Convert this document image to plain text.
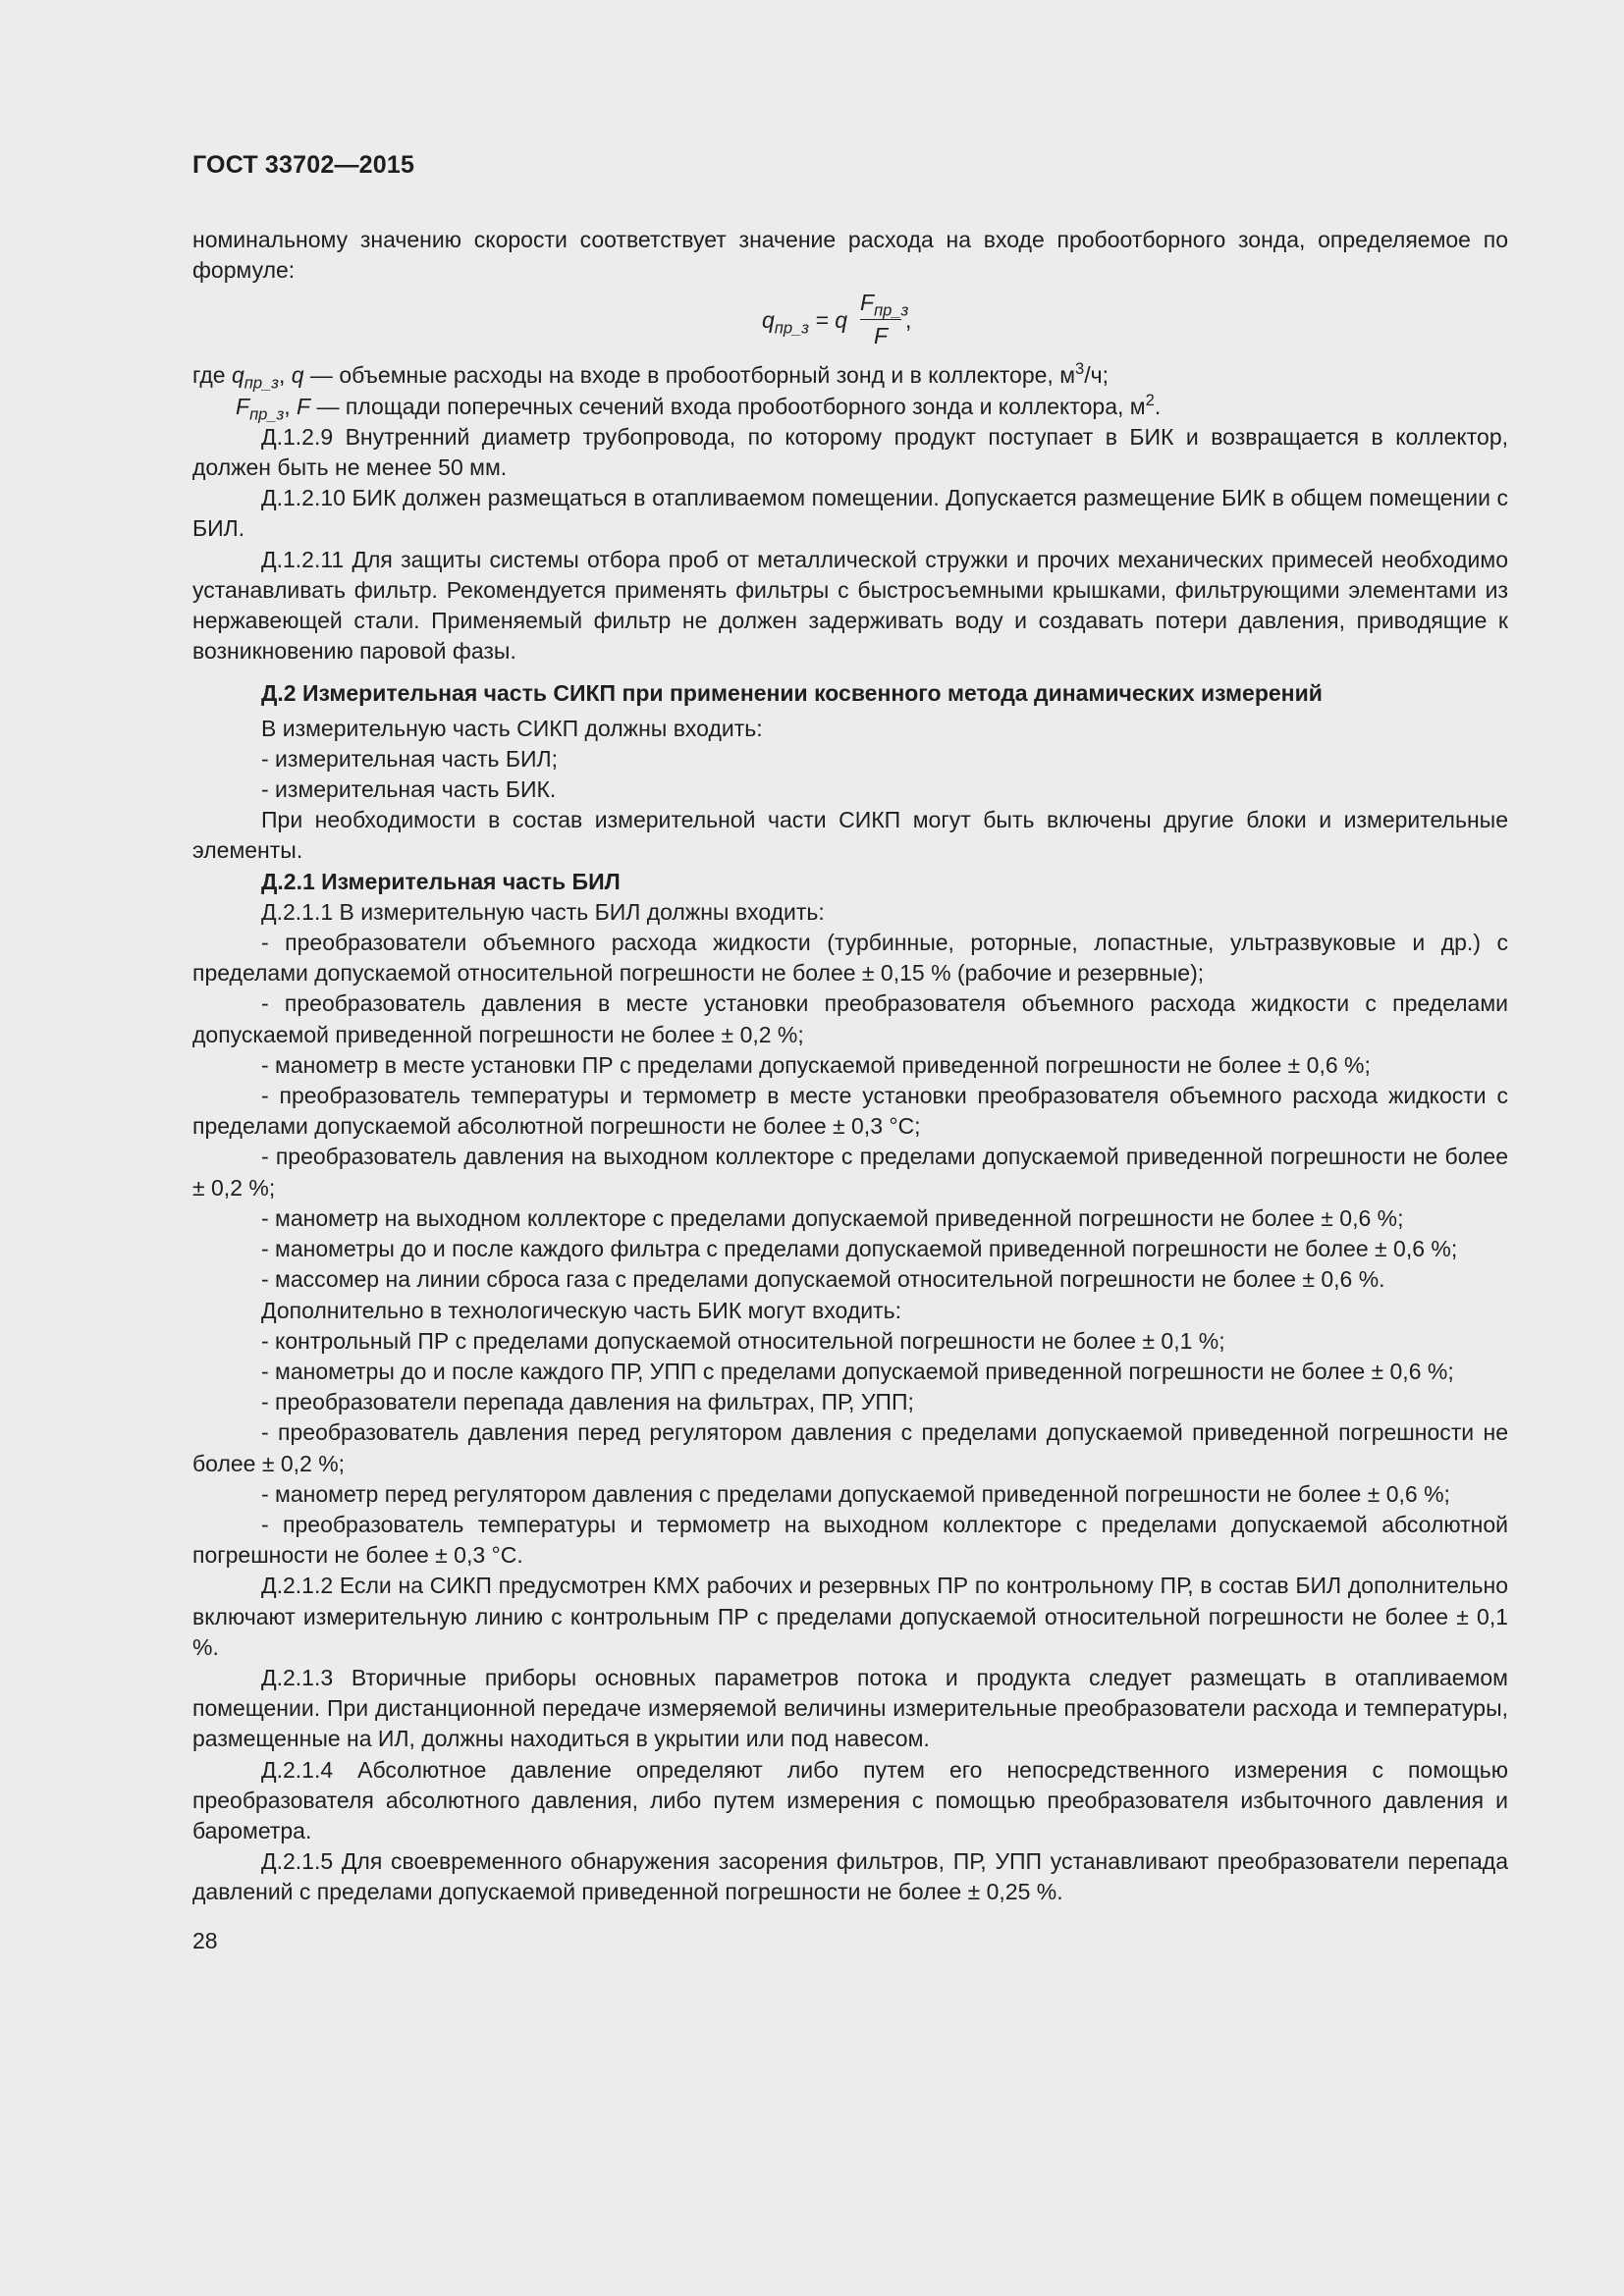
ГОСТ 33702—2015

номинальному значению скорости соответствует значение расхода на входе пробоотборного зонда, определяемое по формуле:

$q_{пр\_з} = q$
$F_{пр\_з}$
F
,

где $q_{пр\_з}$, q — объемные расходы на входе в пробоотборный зонд и в коллекторе, $м^3/ч$;

$F_{пр\_з}$, F — площади поперечных сечений входа пробоотборного зонда и коллектора, $м^2$.

Д.1.2.9 Внутренний диаметр трубопровода, по которому продукт поступает в БИК и возвращается в коллектор, должен быть не менее 50 мм.

Д.1.2.10 БИК должен размещаться в отапливаемом помещении. Допускается размещение БИК в общем помещении с БИЛ.

Д.1.2.11 Для защиты системы отбора проб от металлической стружки и прочих механических примесей необходимо устанавливать фильтр. Рекомендуется применять фильтры с быстросъемными крышками, фильтрующими элементами из нержавеющей стали. Применяемый фильтр не должен задерживать воду и создавать потери давления, приводящие к возникновению паровой фазы.

Д.2 Измерительная часть СИКП при применении косвенного метода динамических измерений

В измерительную часть СИКП должны входить:

- измерительная часть БИЛ;

- измерительная часть БИК.

При необходимости в состав измерительной части СИКП могут быть включены другие блоки и измерительные элементы.

Д.2.1 Измерительная часть БИЛ

Д.2.1.1 В измерительную часть БИЛ должны входить:

- преобразователи объемного расхода жидкости (турбинные, роторные, лопастные, ультразвуковые и др.) с пределами допускаемой относительной погрешности не более ± 0,15 % (рабочие и резервные);

- преобразователь давления в месте установки преобразователя объемного расхода жидкости с пределами допускаемой приведенной погрешности не более ± 0,2 %;

- манометр в месте установки ПР с пределами допускаемой приведенной погрешности не более ± 0,6 %;

- преобразователь температуры и термометр в месте установки преобразователя объемного расхода жидкости с пределами допускаемой абсолютной погрешности не более ± 0,3 °С;

- преобразователь давления на выходном коллекторе с пределами допускаемой приведенной погрешности не более ± 0,2 %;

- манометр на выходном коллекторе с пределами допускаемой приведенной погрешности не более ± 0,6 %;

- манометры до и после каждого фильтра с пределами допускаемой приведенной погрешности не более ± 0,6 %;

- массомер на линии сброса газа с пределами допускаемой относительной погрешности не более ± 0,6 %.

Дополнительно в технологическую часть БИК могут входить:

- контрольный ПР с пределами допускаемой относительной погрешности не более ± 0,1 %;

- манометры до и после каждого ПР, УПП с пределами допускаемой приведенной погрешности не более ± 0,6 %;

- преобразователи перепада давления на фильтрах, ПР, УПП;

- преобразователь давления перед регулятором давления с пределами допускаемой приведенной погрешности не более ± 0,2 %;

- манометр перед регулятором давления с пределами допускаемой приведенной погрешности не более ± 0,6 %;

- преобразователь температуры и термометр на выходном коллекторе с пределами допускаемой абсолютной погрешности не более ± 0,3 °С.

Д.2.1.2 Если на СИКП предусмотрен КМХ рабочих и резервных ПР по контрольному ПР, в состав БИЛ дополнительно включают измерительную линию с контрольным ПР с пределами допускаемой относительной погрешности не более ± 0,1 %.

Д.2.1.3 Вторичные приборы основных параметров потока и продукта следует размещать в отапливаемом помещении. При дистанционной передаче измеряемой величины измерительные преобразователи расхода и температуры, размещенные на ИЛ, должны находиться в укрытии или под навесом.

Д.2.1.4 Абсолютное давление определяют либо путем его непосредственного измерения с помощью преобразователя абсолютного давления, либо путем измерения с помощью преобразователя избыточного давления и барометра.

Д.2.1.5 Для своевременного обнаружения засорения фильтров, ПР, УПП устанавливают преобразователи перепада давлений с пределами допускаемой приведенной погрешности не более ± 0,25 %.

28
